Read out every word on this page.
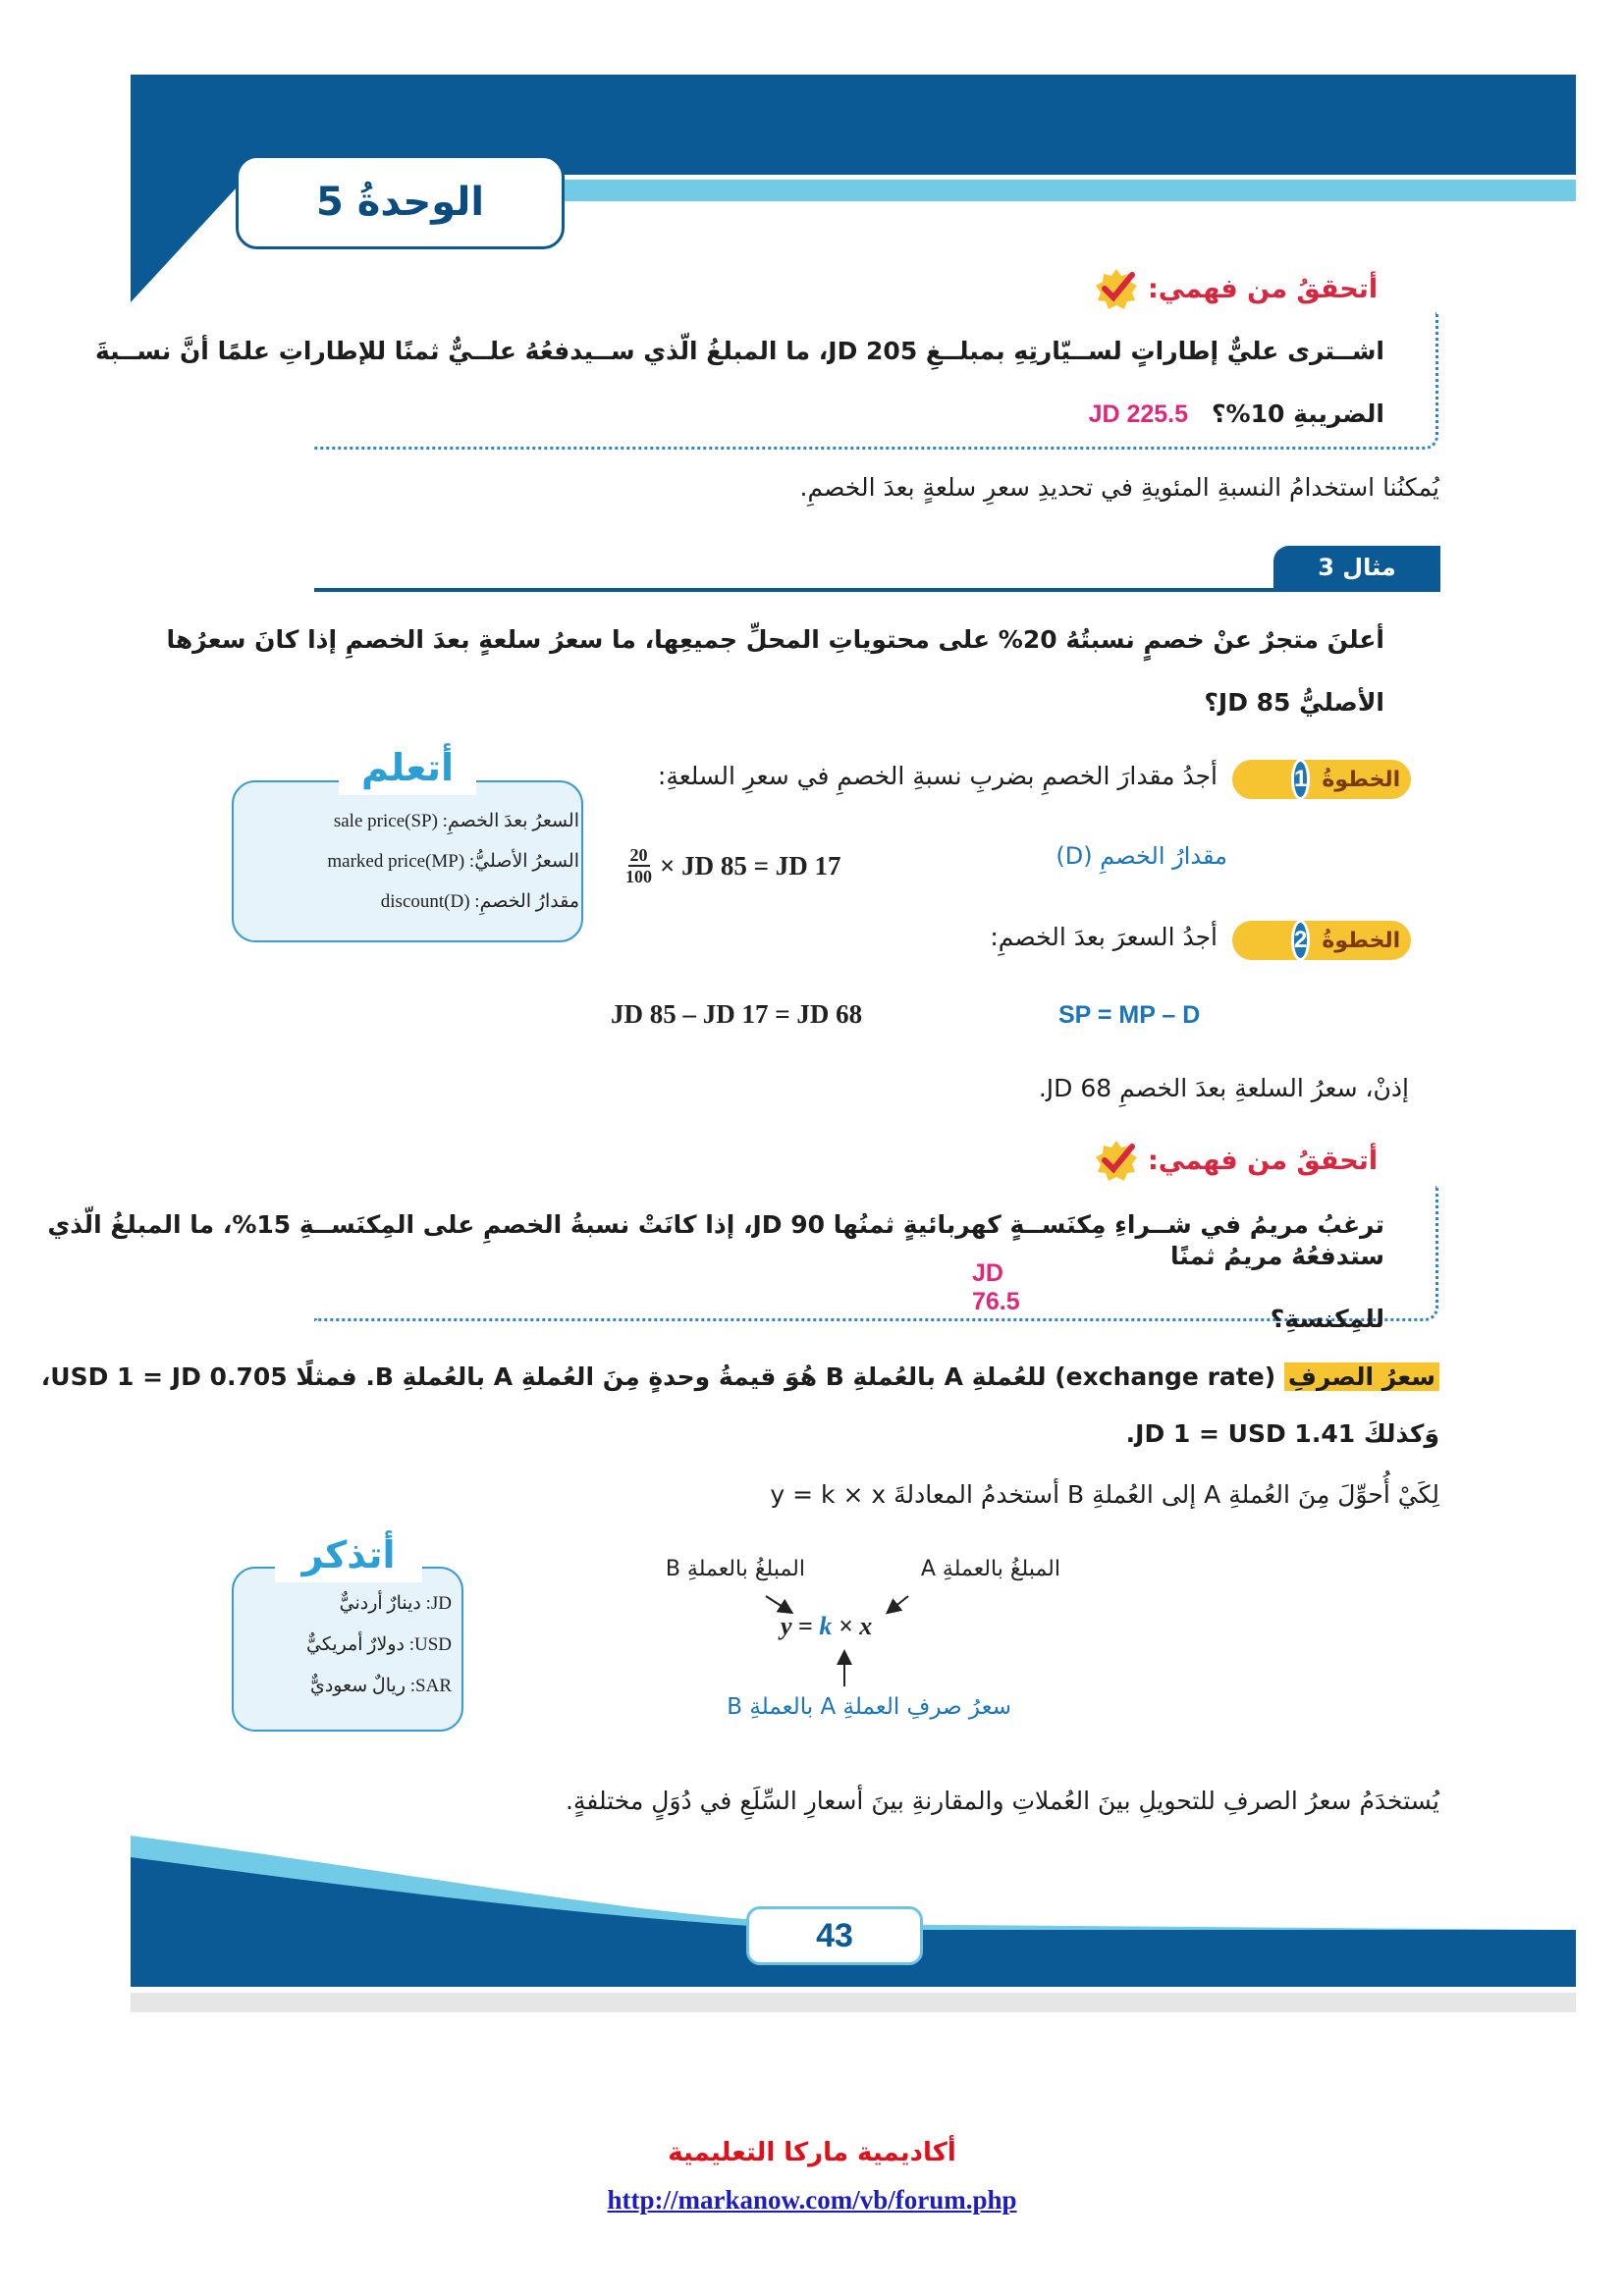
الوحدةُ 5
أتحققُ من فهمي:
اشــترى عليٌّ إطاراتٍ لســيّارتِهِ بمبلــغِ JD 205، ما المبلغُ الّذي ســيدفعُهُ علــيٌّ ثمنًا للإطاراتِ علمًا أنَّ نســبةَ
JD 225.5 الضريبةِ 10%؟
يُمكنُنا استخدامُ النسبةِ المئويةِ في تحديدِ سعرِ سلعةٍ بعدَ الخصمِ.
مثال 3
أعلنَ متجرٌ عنْ خصمٍ نسبتُهُ 20% على محتوياتِ المحلِّ جميعِها، ما سعرُ سلعةٍ بعدَ الخصمِ إذا كانَ سعرُها
الأصليُّ JD 85؟
أتعلم
السعرُ بعدَ الخصمِ: sale price(SP)
السعرُ الأصليُّ: marked price(MP)
مقدارُ الخصمِ: discount(D)
1 الخطوةُ
أجدُ مقدارَ الخصمِ بضربِ نسبةِ الخصمِ في سعرِ السلعةِ:
$\frac{20}{100}$ × JD 85 = JD 17	مقدارُ الخصمِ (D)
2 الخطوةُ
أجدُ السعرَ بعدَ الخصمِ:
JD 85 – JD 17 = JD 68	SP = MP – D
إذنْ، سعرُ السلعةِ بعدَ الخصمِ JD 68.
أتحققُ من فهمي:
ترغبُ مريمُ في شــراءِ مِكنَســةٍ كهربائيةٍ ثمنُها JD 90، إذا كانَتْ نسبةُ الخصمِ على المِكنَســةِ 15%، ما المبلغُ الّذي
JD 76.5
ستدفعُهُ مريمُ ثمنًا للمِكنسةِ؟
سعرُ الصرفِ (exchange rate) للعُملةِ A بالعُملةِ B هُوَ قيمةُ وحدةٍ مِنَ العُملةِ A بالعُملةِ B. فمثلًا USD 1 = JD 0.705،
وَكذلكَ JD 1 = USD 1.41.
لِكَيْ أُحوِّلَ مِنَ العُملةِ A إلى العُملةِ B أستخدمُ المعادلةَ y = k × x
أتذكر
JD: دينارٌ أردنيٌّ
USD: دولارٌ أمريكيٌّ
SAR: ريالٌ سعوديٌّ
المبلغُ بالعملةِ B	المبلغُ بالعملةِ A
y = k × x
سعرُ صرفِ العملةِ A بالعملةِ B
يُستخدَمُ سعرُ الصرفِ للتحويلِ بينَ العُملاتِ والمقارنةِ بينَ أسعارِ السِّلَعِ في دُوَلٍ مختلفةٍ.
43
أكاديمية ماركا التعليمية
http://markanow.com/vb/forum.php
